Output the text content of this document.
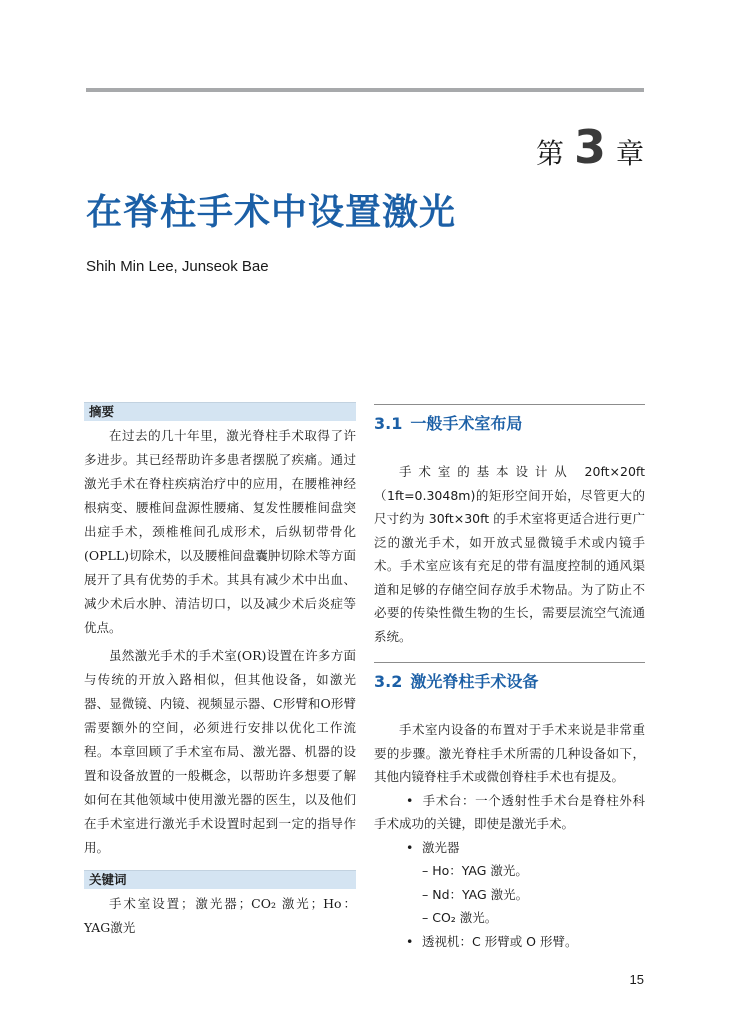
第 3 章
在脊柱手术中设置激光
Shih Min Lee, Junseok Bae
摘要

在过去的几十年里，激光脊柱手术取得了许多进步。其已经帮助许多患者摆脱了疾痛。通过激光手术在脊柱疾病治疗中的应用，在腰椎神经根病变、腰椎间盘源性腰痛、复发性腰椎间盘突出症手术，颈椎椎间孔成形术，后纵韧带骨化(OPLL)切除术，以及腰椎间盘囊肿切除术等方面展开了具有优势的手术。其具有减少术中出血、减少术后水肿、清洁切口，以及减少术后炎症等优点。

虽然激光手术的手术室(OR)设置在许多方面与传统的开放入路相似，但其他设备，如激光器、显微镜、内镜、视频显示器、C形臂和O形臂需要额外的空间，必须进行安排以优化工作流程。本章回顾了手术室布局、激光器、机器的设置和设备放置的一般概念，以帮助许多想要了解如何在其他领域中使用激光器的医生，以及他们在手术室进行激光手术设置时起到一定的指导作用。

关键词

手术室设置；激光器；CO₂ 激光；Ho：YAG激光

3.1 一般手术室布局

手术室的基本设计从 20ft×20ft（1ft=0.3048m)的矩形空间开始，尽管更大的尺寸约为 30ft×30ft 的手术室将更适合进行更广泛的激光手术，如开放式显微镜手术或内镜手术。手术室应该有充足的带有温度控制的通风渠道和足够的存储空间存放手术物品。为了防止不必要的传染性微生物的生长，需要层流空气流通系统。

3.2 激光脊柱手术设备

手术室内设备的布置对于手术来说是非常重要的步骤。激光脊柱手术所需的几种设备如下，其他内镜脊柱手术或微创脊柱手术也有提及。

• 手术台：一个透射性手术台是脊柱外科手术成功的关键，即使是激光手术。
• 激光器
– Ho：YAG 激光。
– Nd：YAG 激光。
– CO₂ 激光。
• 透视机：C 形臂或 O 形臂。
15
